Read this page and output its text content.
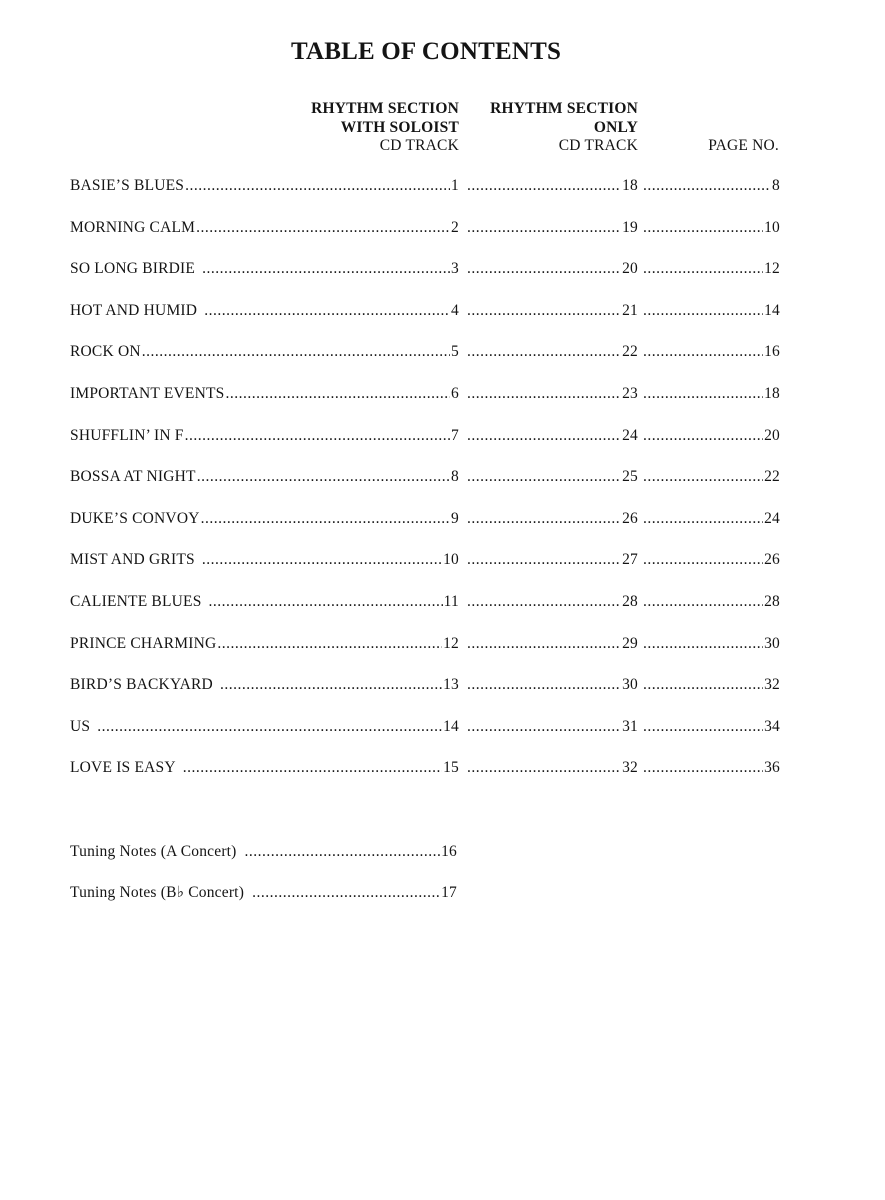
TABLE OF CONTENTS
RHYTHM SECTION
WITH SOLOIST
CD TRACK
RHYTHM SECTION
ONLY
CD TRACK	PAGE NO.
BASIE’S BLUES .....	1 .....	18 .....	8
MORNING CALM .....	2 .....	19 .....	10
SO LONG BIRDIE .....	3 .....	20 .....	12
HOT AND HUMID .....	4 .....	21 .....	14
ROCK ON .....	5 .....	22 .....	16
IMPORTANT EVENTS .....	6 .....	23 .....	18
SHUFFLIN’ IN F .....	7 .....	24 .....	20
BOSSA AT NIGHT .....	8 .....	25 .....	22
DUKE’S CONVOY .....	9 .....	26 .....	24
MIST AND GRITS .....	10 .....	27 .....	26
CALIENTE BLUES .....	11 .....	28 .....	28
PRINCE CHARMING .....	12 .....	29 .....	30
BIRD’S BACKYARD .....	13 .....	30 .....	32
US .....	14 .....	31 .....	34
LOVE IS EASY .....	15 .....	32 .....	36
Tuning Notes (A Concert) .....	16
Tuning Notes (B♭ Concert) .....	17
